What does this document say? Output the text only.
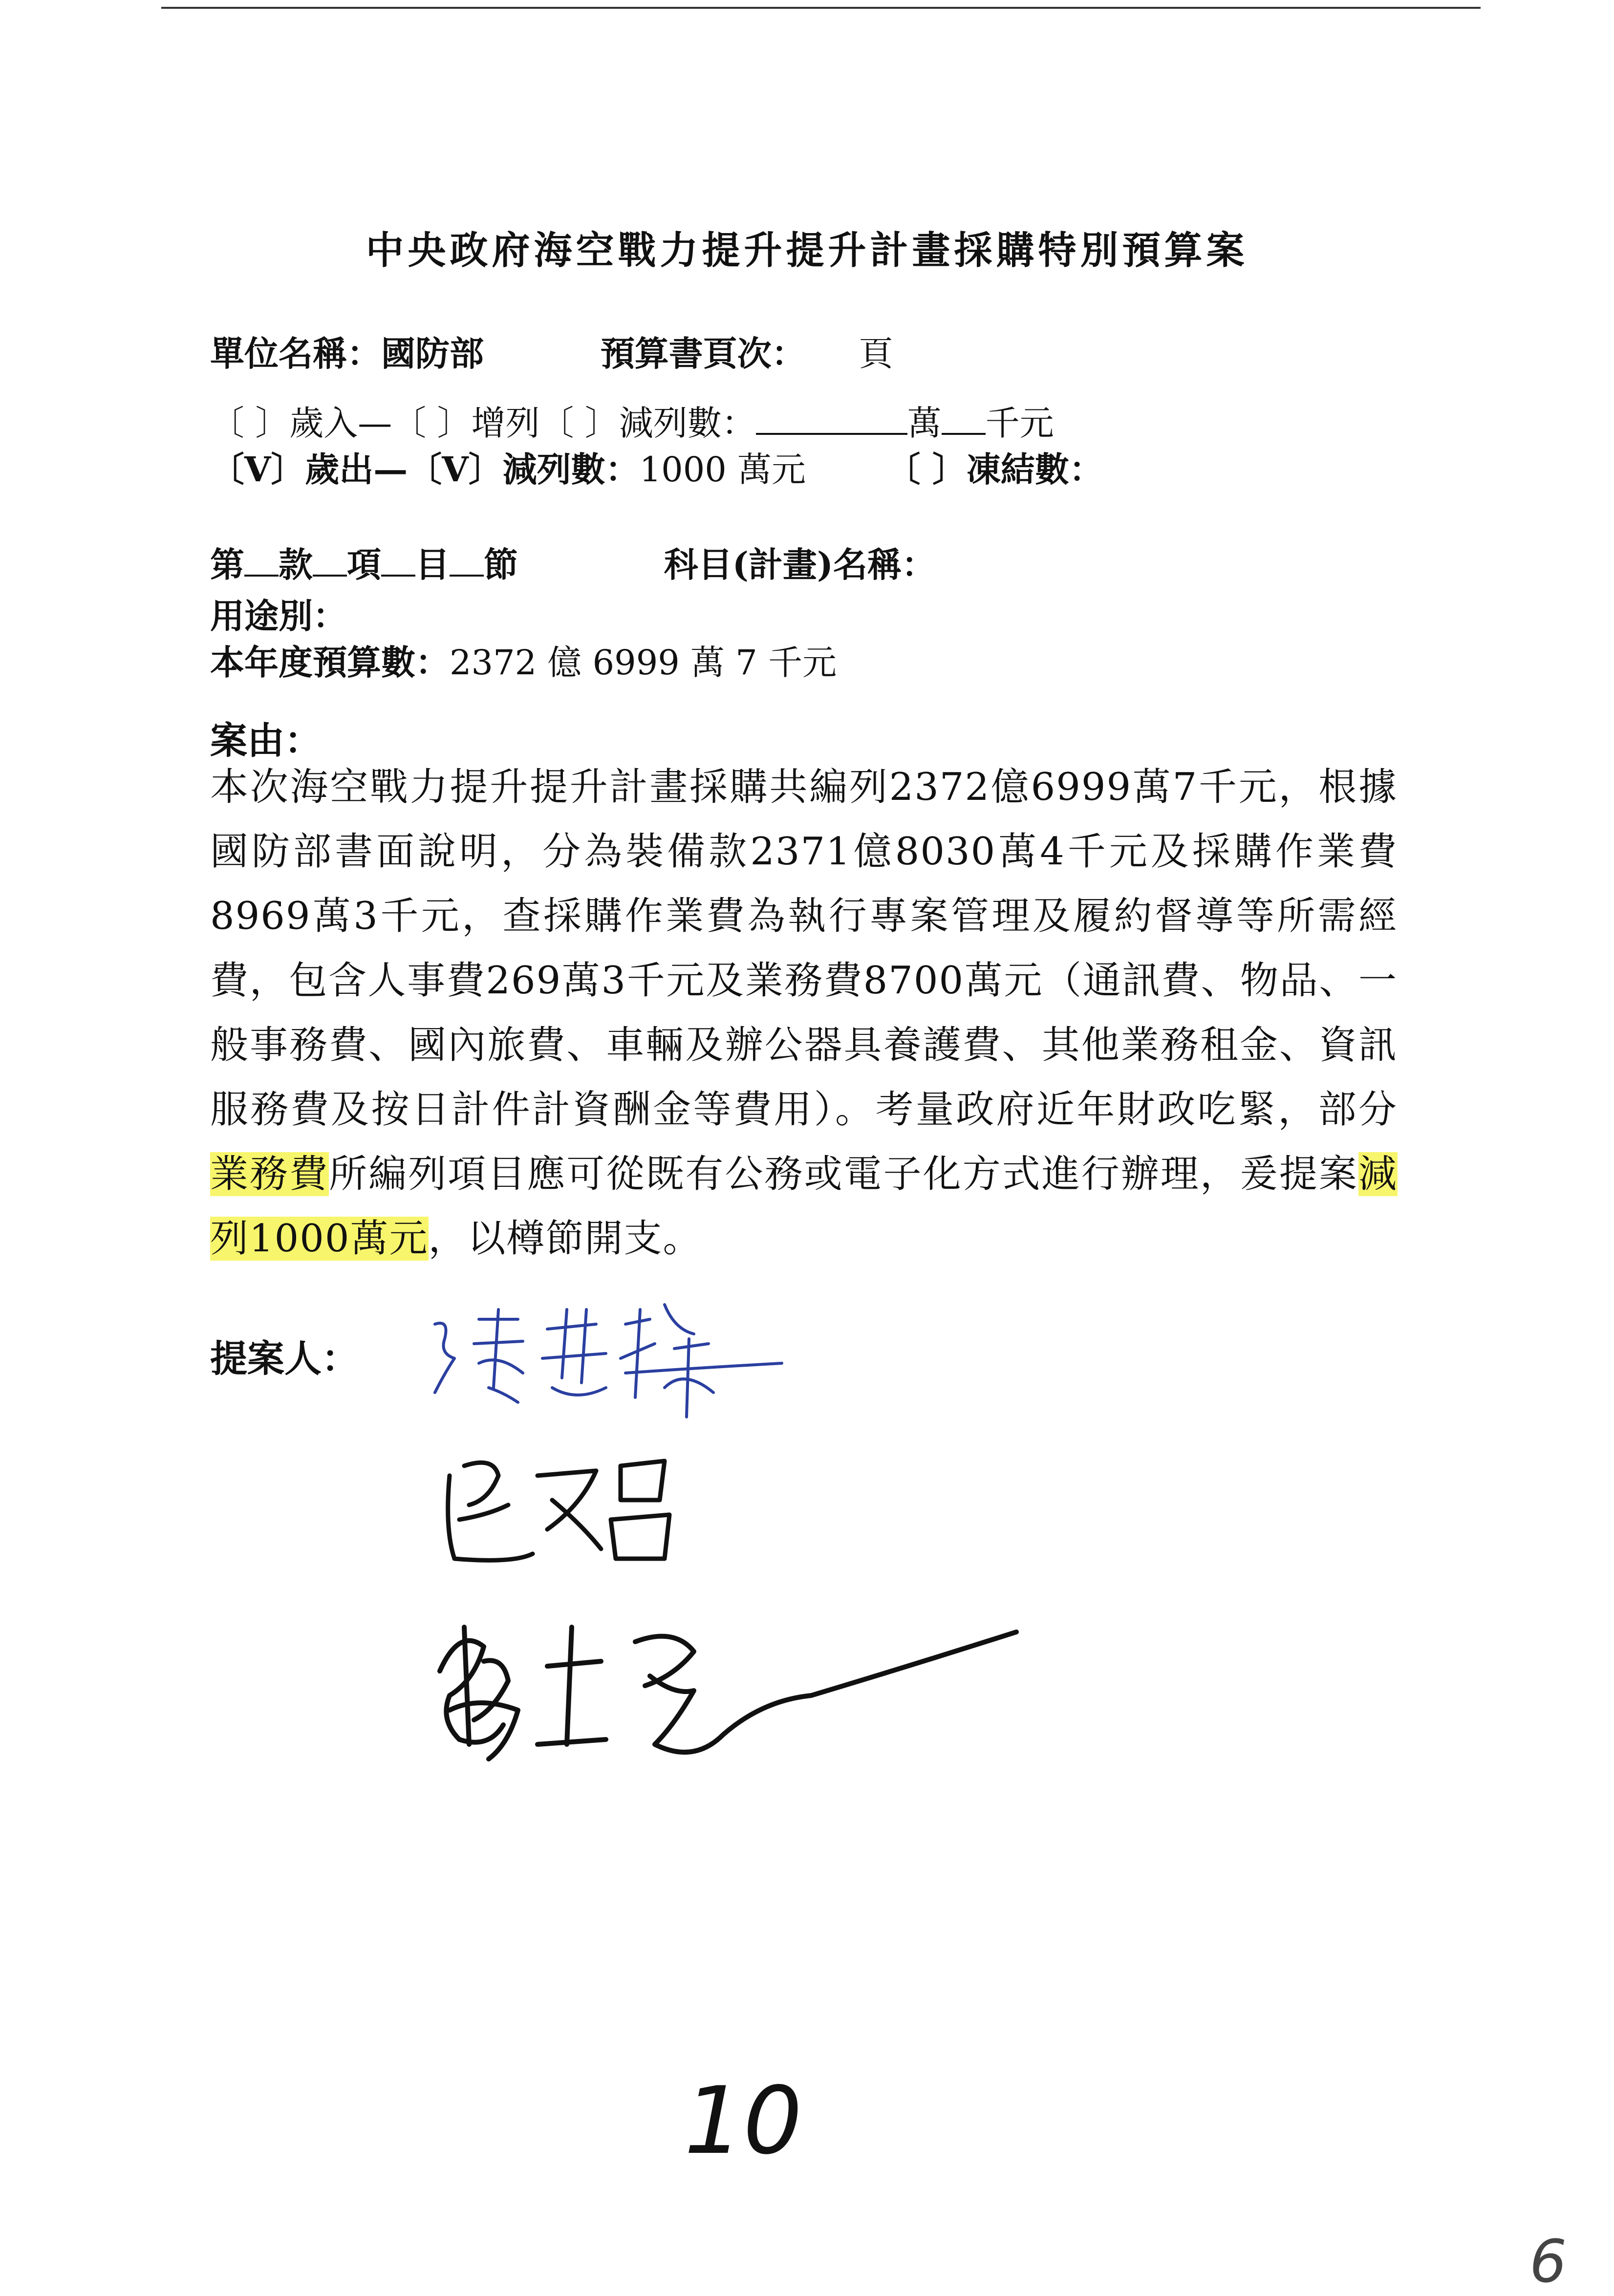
中央政府海空戰力提升提升計畫採購特別預算案
單位名稱：國防部	預算書頁次： 頁
〔 〕歲入—〔 〕增列〔 〕減列數：	萬 千元
〔V〕歲出—〔V〕減列數：1000 萬元 〔 〕凍結數：
第 款 項 目 節	科目(計畫)名稱：
用途別：
本年度預算數：2372 億 6999 萬 7 千元
案由：
本次海空戰力提升提升計畫採購共編列2372億6999萬7千元，根據國防部書面說明，分為裝備款2371億8030萬4千元及採購作業費8969萬3千元，查採購作業費為執行專案管理及履約督導等所需經費，包含人事費269萬3千元及業務費8700萬元（通訊費、物品、一般事務費、國內旅費、車輛及辦公器具養護費、其他業務租金、資訊服務費及按日計件計資酬金等費用）。考量政府近年財政吃緊，部分業務費所編列項目應可從既有公務或電子化方式進行辦理，爰提案減列1000萬元，以樽節開支。
提案人：
10
6
